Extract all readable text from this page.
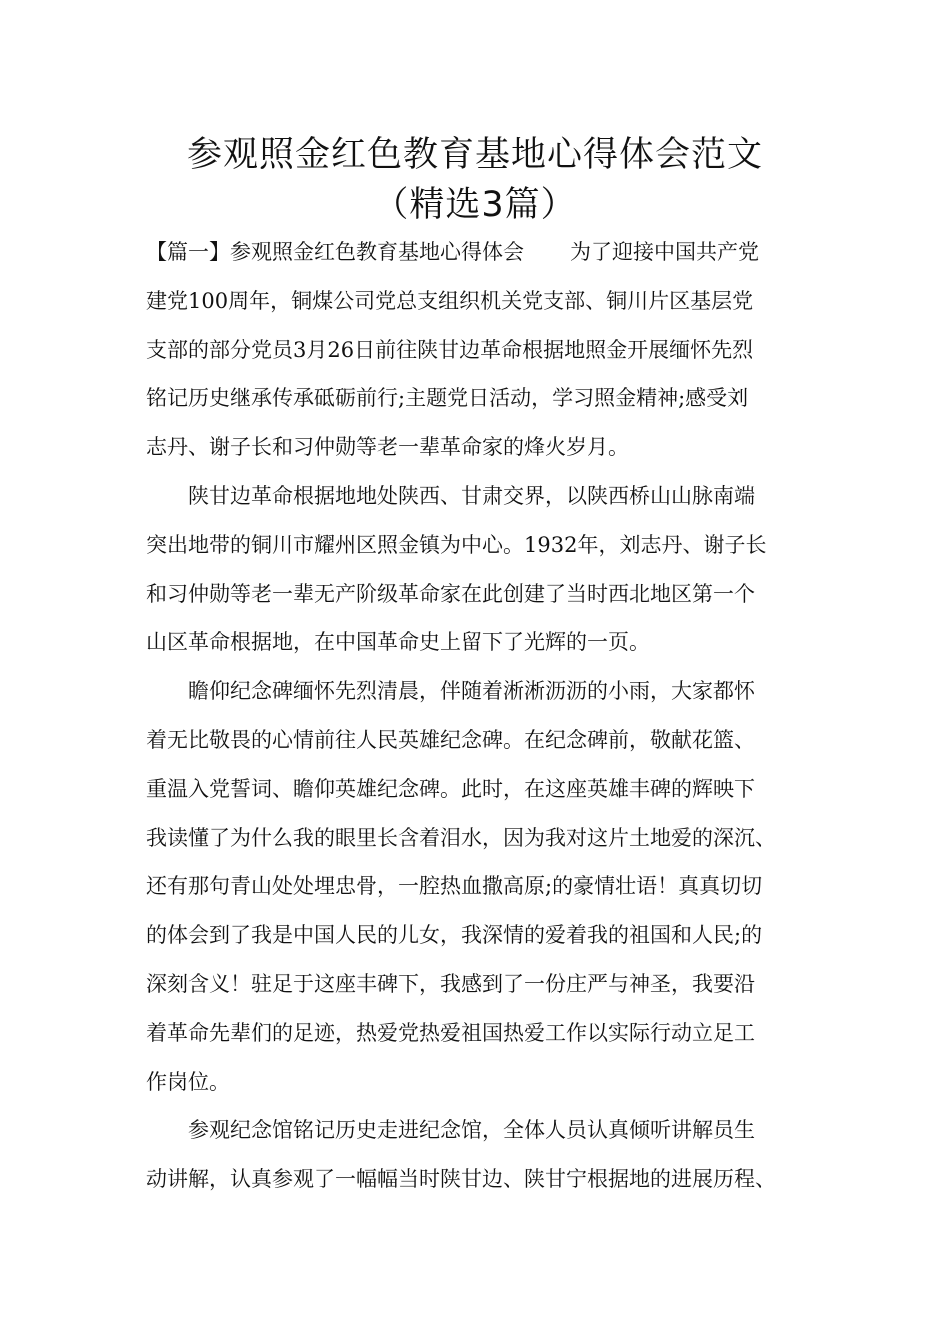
参观照金红色教育基地心得体会范文
（精选3篇）
【篇一】参观照金红色教育基地心得体会 为了迎接中国共产党
建党100周年，铜煤公司党总支组织机关党支部、铜川片区基层党
支部的部分党员3月26日前往陕甘边革命根据地照金开展缅怀先烈
铭记历史继承传承砥砺前行;主题党日活动，学习照金精神;感受刘
志丹、谢子长和习仲勋等老一辈革命家的烽火岁月。
陕甘边革命根据地地处陕西、甘肃交界，以陕西桥山山脉南端
突出地带的铜川市耀州区照金镇为中心。1932年，刘志丹、谢子长
和习仲勋等老一辈无产阶级革命家在此创建了当时西北地区第一个
山区革命根据地，在中国革命史上留下了光辉的一页。
瞻仰纪念碑缅怀先烈清晨，伴随着淅淅沥沥的小雨，大家都怀
着无比敬畏的心情前往人民英雄纪念碑。在纪念碑前，敬献花篮、
重温入党誓词、瞻仰英雄纪念碑。此时，在这座英雄丰碑的辉映下
我读懂了为什么我的眼里长含着泪水，因为我对这片土地爱的深沉、
还有那句青山处处埋忠骨，一腔热血撒高原;的豪情壮语！真真切切
的体会到了我是中国人民的儿女，我深情的爱着我的祖国和人民;的
深刻含义！驻足于这座丰碑下，我感到了一份庄严与神圣，我要沿
着革命先辈们的足迹，热爱党热爱祖国热爱工作以实际行动立足工
作岗位。
参观纪念馆铭记历史走进纪念馆，全体人员认真倾听讲解员生
动讲解，认真参观了一幅幅当时陕甘边、陕甘宁根据地的进展历程、
